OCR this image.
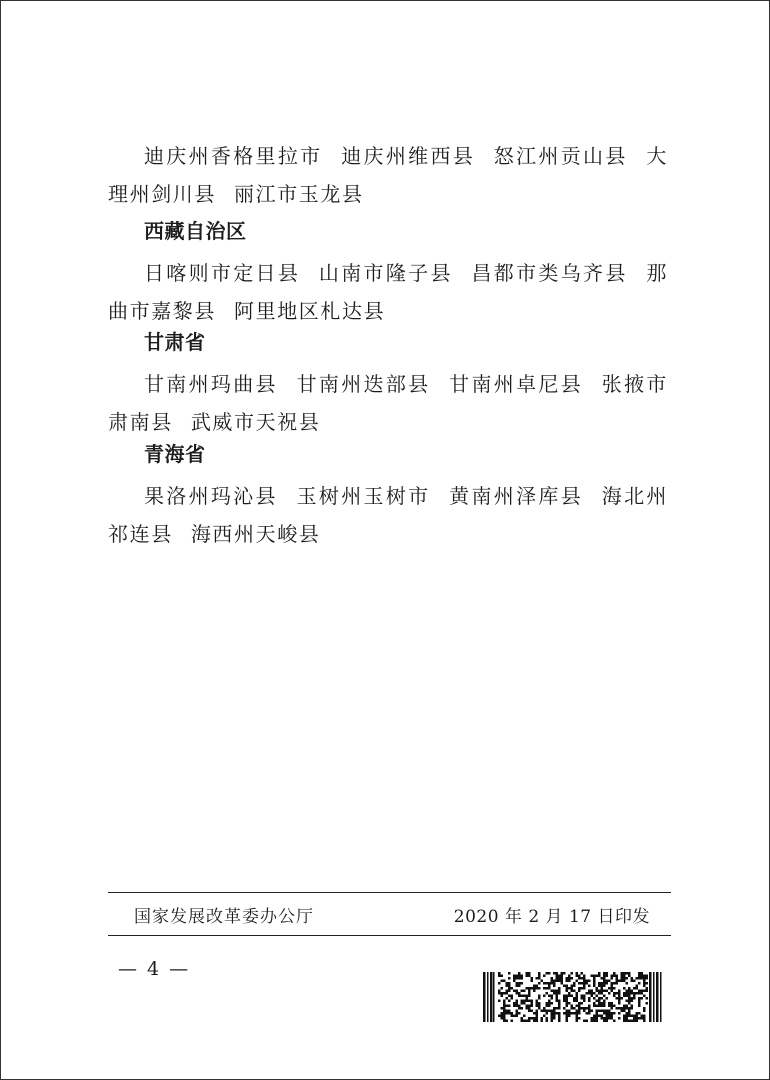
迪庆州香格里拉市 迪庆州维西县 怒江州贡山县 大理州剑川县 丽江市玉龙县

西藏自治区

日喀则市定日县 山南市隆子县 昌都市类乌齐县 那曲市嘉黎县 阿里地区札达县

甘肃省

甘南州玛曲县 甘南州迭部县 甘南州卓尼县 张掖市肃南县 武威市天祝县

青海省

果洛州玛沁县 玉树州玉树市 黄南州泽库县 海北州祁连县 海西州天峻县

国家发展改革委办公厅	2020 年 2 月 17 日印发
— 4 —
